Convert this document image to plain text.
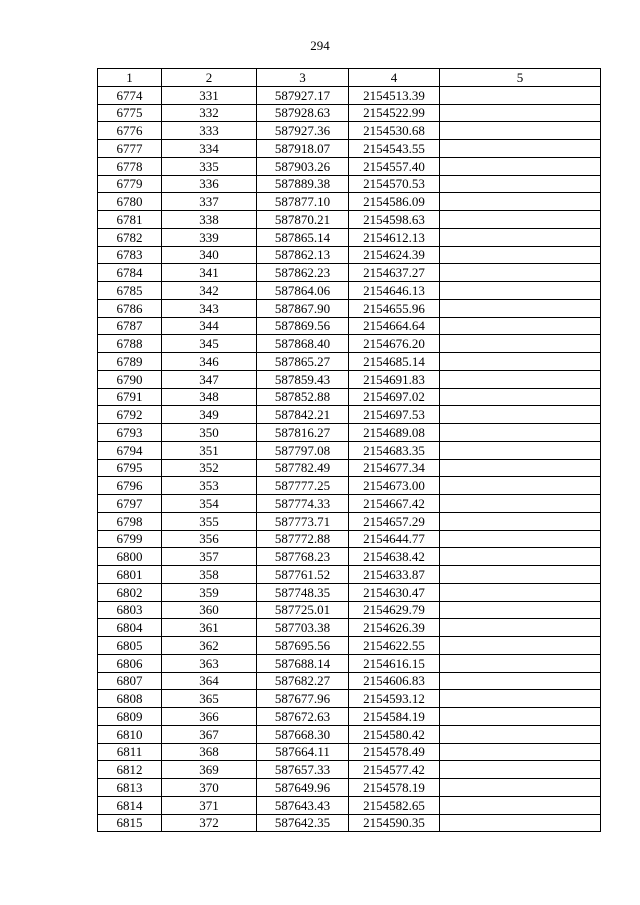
294
1	2	3	4	5
6774	331	587927.17	2154513.39	
6775	332	587928.63	2154522.99	
6776	333	587927.36	2154530.68	
6777	334	587918.07	2154543.55	
6778	335	587903.26	2154557.40	
6779	336	587889.38	2154570.53	
6780	337	587877.10	2154586.09	
6781	338	587870.21	2154598.63	
6782	339	587865.14	2154612.13	
6783	340	587862.13	2154624.39	
6784	341	587862.23	2154637.27	
6785	342	587864.06	2154646.13	
6786	343	587867.90	2154655.96	
6787	344	587869.56	2154664.64	
6788	345	587868.40	2154676.20	
6789	346	587865.27	2154685.14	
6790	347	587859.43	2154691.83	
6791	348	587852.88	2154697.02	
6792	349	587842.21	2154697.53	
6793	350	587816.27	2154689.08	
6794	351	587797.08	2154683.35	
6795	352	587782.49	2154677.34	
6796	353	587777.25	2154673.00	
6797	354	587774.33	2154667.42	
6798	355	587773.71	2154657.29	
6799	356	587772.88	2154644.77	
6800	357	587768.23	2154638.42	
6801	358	587761.52	2154633.87	
6802	359	587748.35	2154630.47	
6803	360	587725.01	2154629.79	
6804	361	587703.38	2154626.39	
6805	362	587695.56	2154622.55	
6806	363	587688.14	2154616.15	
6807	364	587682.27	2154606.83	
6808	365	587677.96	2154593.12	
6809	366	587672.63	2154584.19	
6810	367	587668.30	2154580.42	
6811	368	587664.11	2154578.49	
6812	369	587657.33	2154577.42	
6813	370	587649.96	2154578.19	
6814	371	587643.43	2154582.65	
6815	372	587642.35	2154590.35	
